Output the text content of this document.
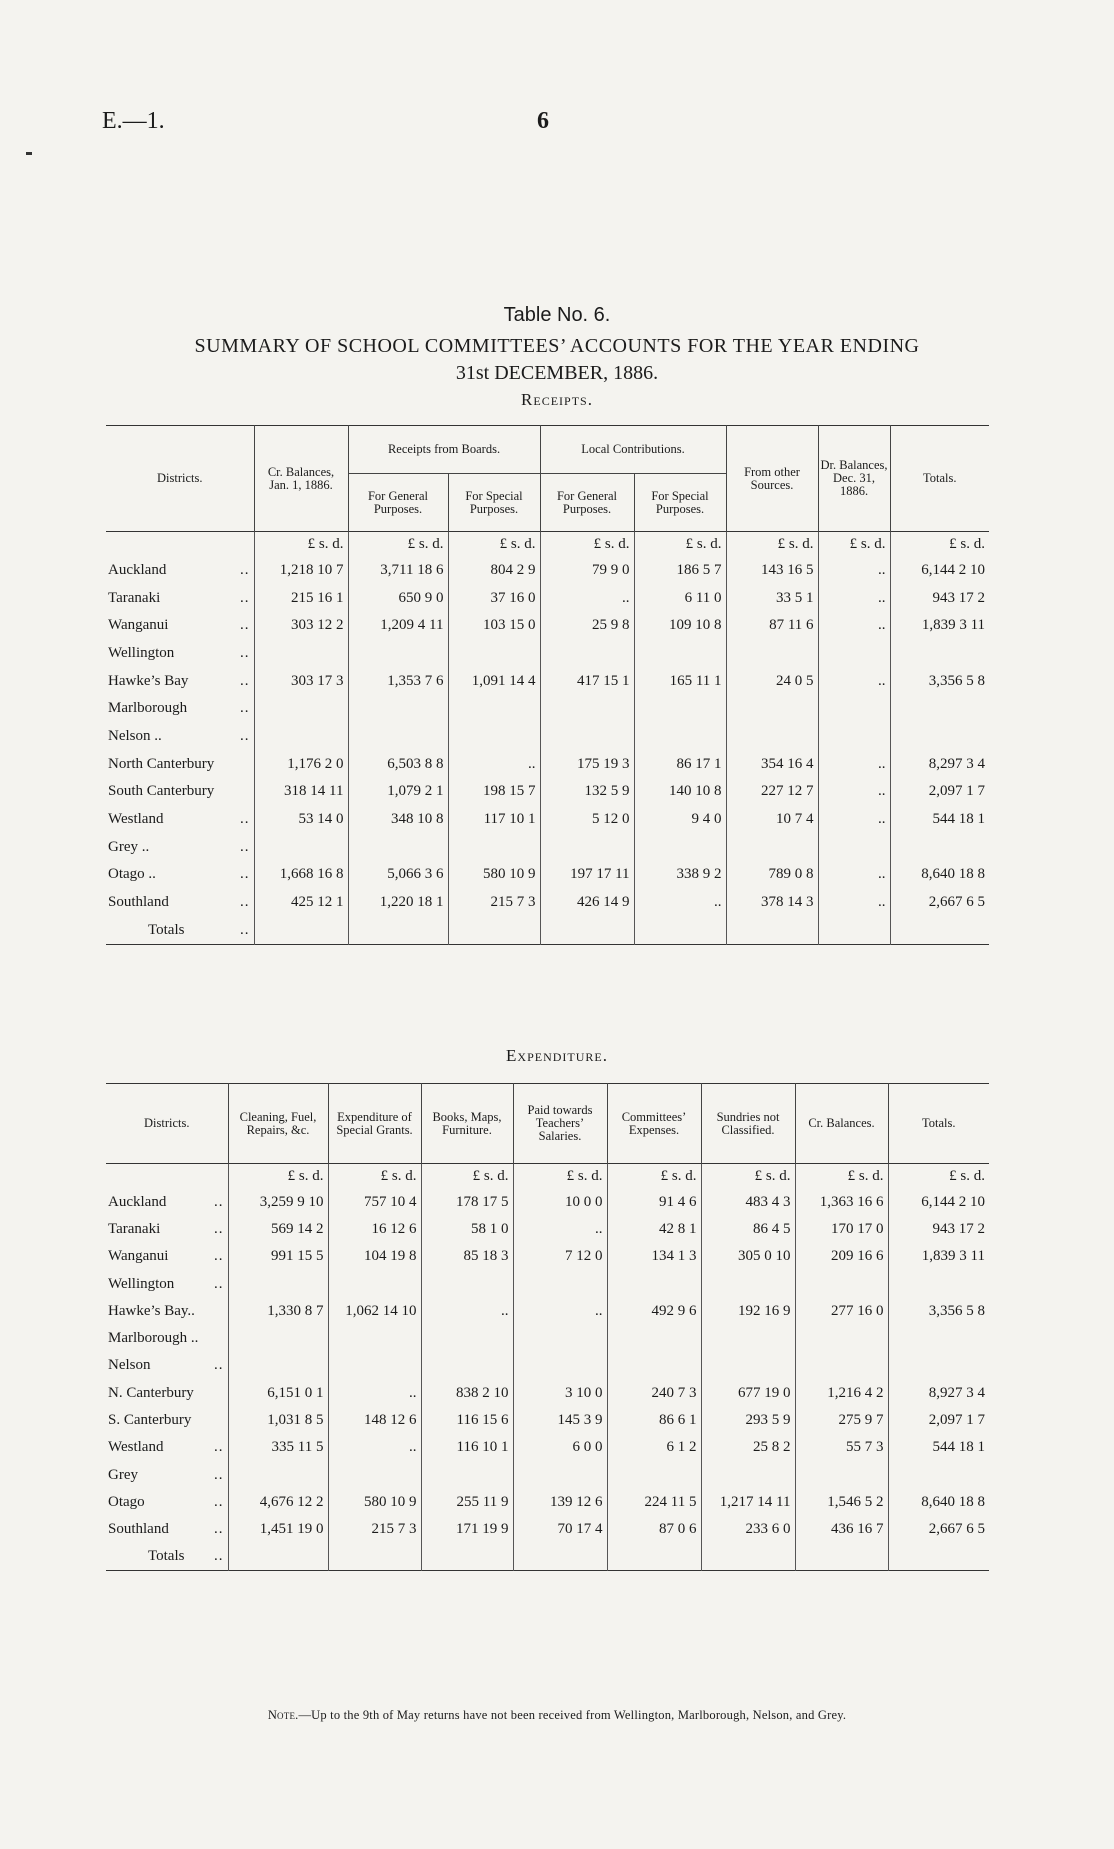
E.—1.	6
Table No. 6.
SUMMARY OF SCHOOL COMMITTEES’ ACCOUNTS FOR THE YEAR ENDING
31st DECEMBER, 1886.
Receipts.
Districts.	Cr. Balances, Jan. 1, 1886.	Receipts from Boards.		Local Contributions.		From other Sources.	Dr. Balances, Dec. 31, 1886.	Totals.
		For General Purposes.	For Special Purposes.	For General Purposes.	For Special Purposes.			
	£ s. d.	£ s. d.	£ s. d.	£ s. d.	£ s. d.	£ s. d.	£ s. d.	£ s. d.

Auckland ..	1,218 10 7	3,711 18 6	804 2 9	79 9 0	186 5 7	143 16 5	..	6,144 2 10

Taranaki ..	215 16 1	650 9 0	37 16 0	..	6 11 0	33 5 1	..	943 17 2

Wanganui ..	303 12 2	1,209 4 11	103 15 0	25 9 8	109 10 8	87 11 6	..	1,839 3 11

Wellington ..								

Hawke’s Bay ..	303 17 3	1,353 7 6	1,091 14 4	417 15 1	165 11 1	24 0 5	..	3,356 5 8

Marlborough ..								

Nelson .. ..								

North Canterbury	1,176 2 0	6,503 8 8	..	175 19 3	86 17 1	354 16 4	..	8,297 3 4

South Canterbury	318 14 11	1,079 2 1	198 15 7	132 5 9	140 10 8	227 12 7	..	2,097 1 7

Westland ..	53 14 0	348 10 8	117 10 1	5 12 0	9 4 0	10 7 4	..	544 18 1

Grey .. ..								

Otago .. ..	1,668 16 8	5,066 3 6	580 10 9	197 17 11	338 9 2	789 0 8	..	8,640 18 8

Southland ..	425 12 1	1,220 18 1	215 7 3	426 14 9	..	378 14 3	..	2,667 6 5

Totals ..								

Expenditure.
Districts.	Cleaning, Fuel, Repairs, &c.	Expenditure of Special Grants.	Books, Maps, Furniture.	Paid towards Teachers’ Salaries.	Committees’ Expenses.	Sundries not Classified.	Cr. Balances.	Totals.
	£ s. d.	£ s. d.	£ s. d.	£ s. d.	£ s. d.	£ s. d.	£ s. d.	£ s. d.

Auckland ..	3,259 9 10	757 10 4	178 17 5	10 0 0	91 4 6	483 4 3	1,363 16 6	6,144 2 10

Taranaki ..	569 14 2	16 12 6	58 1 0	..	42 8 1	86 4 5	170 17 0	943 17 2

Wanganui ..	991 15 5	104 19 8	85 18 3	7 12 0	134 1 3	305 0 10	209 16 6	1,839 3 11

Wellington ..								

Hawke’s Bay..	1,330 8 7	1,062 14 10	..	..	492 9 6	192 16 9	277 16 0	3,356 5 8

Marlborough ..								

Nelson ..								

N. Canterbury	6,151 0 1	..	838 2 10	3 10 0	240 7 3	677 19 0	1,216 4 2	8,927 3 4

S. Canterbury	1,031 8 5	148 12 6	116 15 6	145 3 9	86 6 1	293 5 9	275 9 7	2,097 1 7

Westland ..	335 11 5	..	116 10 1	6 0 0	6 1 2	25 8 2	55 7 3	544 18 1

Grey ..								

Otago ..	4,676 12 2	580 10 9	255 11 9	139 12 6	224 11 5	1,217 14 11	1,546 5 2	8,640 18 8

Southland ..	1,451 19 0	215 7 3	171 19 9	70 17 4	87 0 6	233 6 0	436 16 7	2,667 6 5

Totals ..								

Note.—Up to the 9th of May returns have not been received from Wellington, Marlborough, Nelson, and Grey.
